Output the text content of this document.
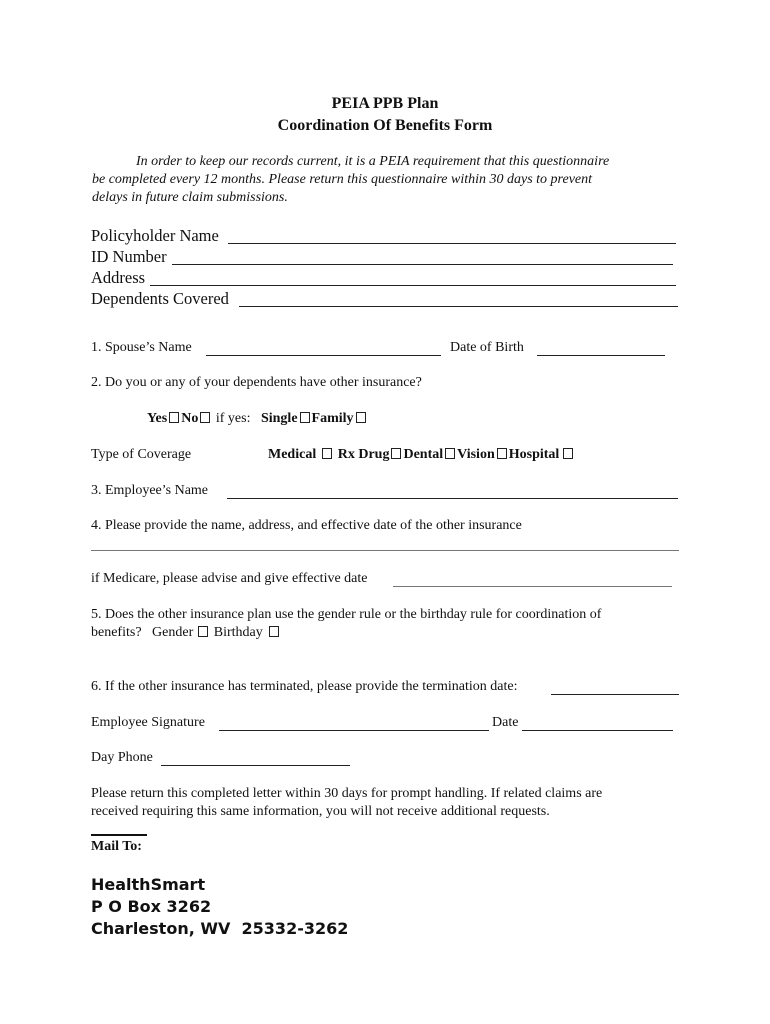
PEIA PPB Plan
Coordination Of Benefits Form
In order to keep our records current, it is a PEIA requirement that this questionnaire
be completed every 12 months. Please return this questionnaire within 30 days to prevent
delays in future claim submissions.
Policyholder Name
ID Number
Address
Dependents Covered
1. Spouse’s Name	Date of Birth
2. Do you or any of your dependents have other insurance?
Yes No if yes: Single Family
Type of Coverage	Medical Rx Drug Dental Vision Hospital
3. Employee’s Name
4. Please provide the name, address, and effective date of the other insurance
if Medicare, please advise and give effective date
5. Does the other insurance plan use the gender rule or the birthday rule for coordination of
benefits? Gender Birthday
6. If the other insurance has terminated, please provide the termination date:
Employee Signature	Date
Day Phone
Please return this completed letter within 30 days for prompt handling. If related claims are
received requiring this same information, you will not receive additional requests.
Mail To:
HealthSmart
P O Box 3262
Charleston, WV  25332-3262
